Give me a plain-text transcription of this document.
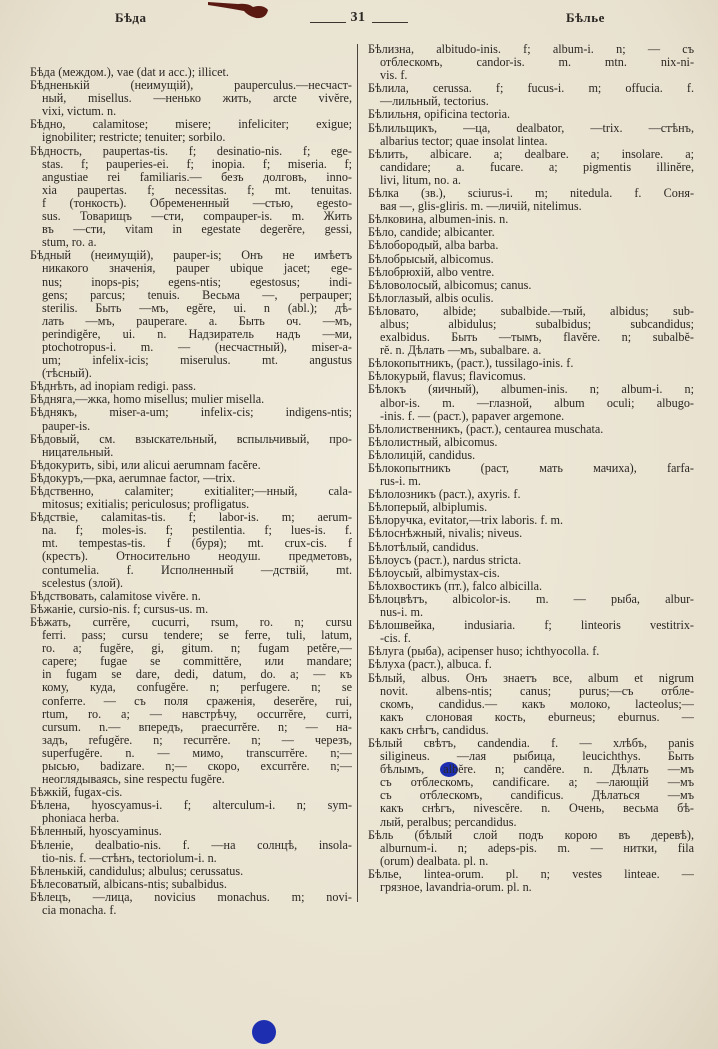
Бѣда	31	Бѣлье
Бѣда (междом.), vae (dat и acc.); illicet.
Бѣдненькій (неимущій), pauperculus.—несчаст-
ный, misellus. —ненько жить, arcte vivĕre,
vixi, victum. n.
Бѣдно, calamitose; misere; infeliciter; exigue;
ignobiliter; restricte; tenuiter; sorbilo.
Бѣдность, paupertas-tis. f; desinatio-nis. f; ege-
stas. f; pauperies-ei. f; inopia. f; miseria. f;
angustiae rei familiaris.— безъ долговъ, inno-
xia paupertas. f; necessitas. f; mt. tenuitas.
f (тонкость). Обремененный —стью, egesto-
sus. Товарищъ —сти, compauper-is. m. Жить
въ —сти, vitam in egestate degerĕre, gessi,
stum, ro. a.
Бѣдный (неимущій), pauper-is; Онъ не имѣетъ
никакого значенія, pauper ubique jacet; ege-
nus; inops-pis; egens-ntis; egestosus; indi-
gens; parcus; tenuis. Весьма —, perpauper;
sterilis. Быть —мъ, egĕre, ui. n (abl.); дѣ-
лать —мъ, pauperare. a. Быть оч. —мъ,
perindigĕre, ui. n. Надзиратель надъ —ми,
ptochotropus-i. m. — (несчастный), miser-a-
um; infelix-icis; miserulus. mt. angustus
(тѣсный).
Бѣднѣть, ad inopiam redigi. pass.
Бѣдняга,—жка, homo misellus; mulier misella.
Бѣднякъ, miser-a-um; infelix-cis; indigens-ntis;
pauper-is.
Бѣдовый, см. взыскательный, вспыльчивый, про-
ницательный.
Бѣдокурить, sibi, или alicui aerumnam facĕre.
Бѣдокуръ,—рка, aerumnae factor, —trix.
Бѣдственно, calamiter; exitialiter;—нный, cala-
mitosus; exitialis; periculosus; profligatus.
Бѣдствіе, calamitas-tis. f; labor-is. m; aerum-
na. f; moles-is. f; pestilentia. f; lues-is. f.
mt. tempestas-tis. f (буря); mt. crux-cis. f
(крестъ). Относительно неодуш. предметовъ,
contumelia. f. Исполненный —дствій, mt.
scelestus (злой).
Бѣдствовать, calamitose vivĕre. n.
Бѣжаніе, cursio-nis. f; cursus-us. m.
Бѣжать, currĕre, cucurri, rsum, ro. n; cursu
ferri. pass; cursu tendere; se ferre, tuli, latum,
ro. a; fugĕre, gi, gitum. n; fugam petĕre,—
capere; fugae se committĕre, или mandare;
in fugam se dare, dedi, datum, do. a; — къ
кому, куда, confugĕre. n; perfugere. n; se
conferre. — съ поля сраженія, deserĕre, rui,
rtum, ro. a; — навстрѣчу, occurrĕre, curri,
cursum. n.— впередъ, praecurrĕre. n; — на-
задъ, refugĕre. n; recurrĕre. n; — черезъ,
superfugĕre. n. — мимо, transcurrĕre. n;—
рысью, badizare. n;— скоро, excurrĕre. n;—
неоглядываясь, sine respectu fugĕre.
Бѣжкій, fugax-cis.
Бѣлена, hyoscyamus-i. f; alterculum-i. n; sym-
phoniaca herba.
Бѣленный, hyoscyaminus.
Бѣленіе, dealbatio-nis. f. —на солнцѣ, insola-
tio-nis. f. —стѣнъ, tectoriolum-i. n.
Бѣленькій, candidulus; albulus; cerussatus.
Бѣлесоватый, albicans-ntis; subalbidus.
Бѣлецъ, —лица, novicius monachus. m; novi-
cia monacha. f.
Бѣлизна, albitudo-inis. f; album-i. n; — съ
отблескомъ, candor-is. m. mtn. nix-ni-
vis. f.
Бѣлила, cerussa. f; fucus-i. m; offucia. f.
—лильный, tectorius.
Бѣлильня, opificina tectoria.
Бѣлильщикъ, —ца, dealbator, —trix. —стѣнъ,
albarius tector; quae insolat lintea.
Бѣлить, albicare. a; dealbare. a; insolare. a;
candidare; a. fucare. a; pigmentis illinĕre,
livi, litum, no. a.
Бѣлка (зв.), sciurus-i. m; nitedula. f. Соня-
вая —, glis-gliris. m. —личій, nitelimus.
Бѣлковина, albumen-inis. n.
Бѣло, candide; albicanter.
Бѣлобородый, alba barba.
Бѣлобрысый, albicomus.
Бѣлобрюхій, albo ventre.
Бѣловолосый, albicomus; canus.
Бѣлоглазый, albis oculis.
Бѣловато, albide; subalbide.—тый, albidus; sub-
albus; albidulus; subalbidus; subcandidus;
exalbidus. Быть —тымъ, flavĕre. n; subalbĕ-
rĕ. n. Дѣлать —мъ, subalbare. a.
Бѣлокопытникъ, (раст.), tussilago-inis. f.
Бѣлокурый, flavus; flavicomus.
Бѣлокъ (яичный), albumen-inis. n; album-i. n;
albor-is. m. —глазной, album oculi; albugo-
-inis. f. — (раст.), papaver argemone.
Бѣлолиственникъ, (раст.), centaurea muschata.
Бѣлолистный, albicomus.
Бѣлолицій, candidus.
Бѣлокопытникъ (раст, мать мачиха), farfa-
rus-i. m.
Бѣлолозникъ (раст.), axyris. f.
Бѣлоперый, albiplumis.
Бѣлоручка, evitator,—trix laboris. f. m.
Бѣлоснѣжный, nivalis; niveus.
Бѣлотѣлый, candidus.
Бѣлоусъ (раст.), nardus stricta.
Бѣлоусый, albimystax-cis.
Бѣлохвостикъ (пт.), falco albicilla.
Бѣлоцвѣтъ, albicolor-is. m. — рыба, albur-
nus-i. m.
Бѣлошвейка, indusiaria. f; linteoris vestitrix-
-cis. f.
Бѣлуга (рыба), acipenser huso; ichthyocolla. f.
Бѣлуха (раст.), albuca. f.
Бѣлый, albus. Онъ знаетъ все, album et nigrum
novit. albens-ntis; canus; purus;—съ отбле-
скомъ, candidus.— какъ молоко, lacteolus;—
какъ слоновая кость, eburneus; eburnus. —
какъ снѣгъ, candidus.
Бѣлый свѣтъ, candendia. f. — хлѣбъ, panis
siligineus. —лая рыбица, leucichthys. Быть
бѣлымъ, albĕre. n; candĕre. n. Дѣлать —мъ
съ отблескомъ, candificare. a; —лающій —мъ
съ отблескомъ, candificus. Дѣлаться —мъ
какъ снѣгъ, nivescĕre. n. Очень, весьма бѣ-
лый, peralbus; percandidus.
Бѣль (бѣлый слой подъ корою въ деревѣ),
alburnum-i. n; adeps-pis. m. — нитки, fila
(orum) dealbata. pl. n.
Бѣлье, lintea-orum. pl. n; vestes linteae. —
грязное, lavandria-orum. pl. n.
